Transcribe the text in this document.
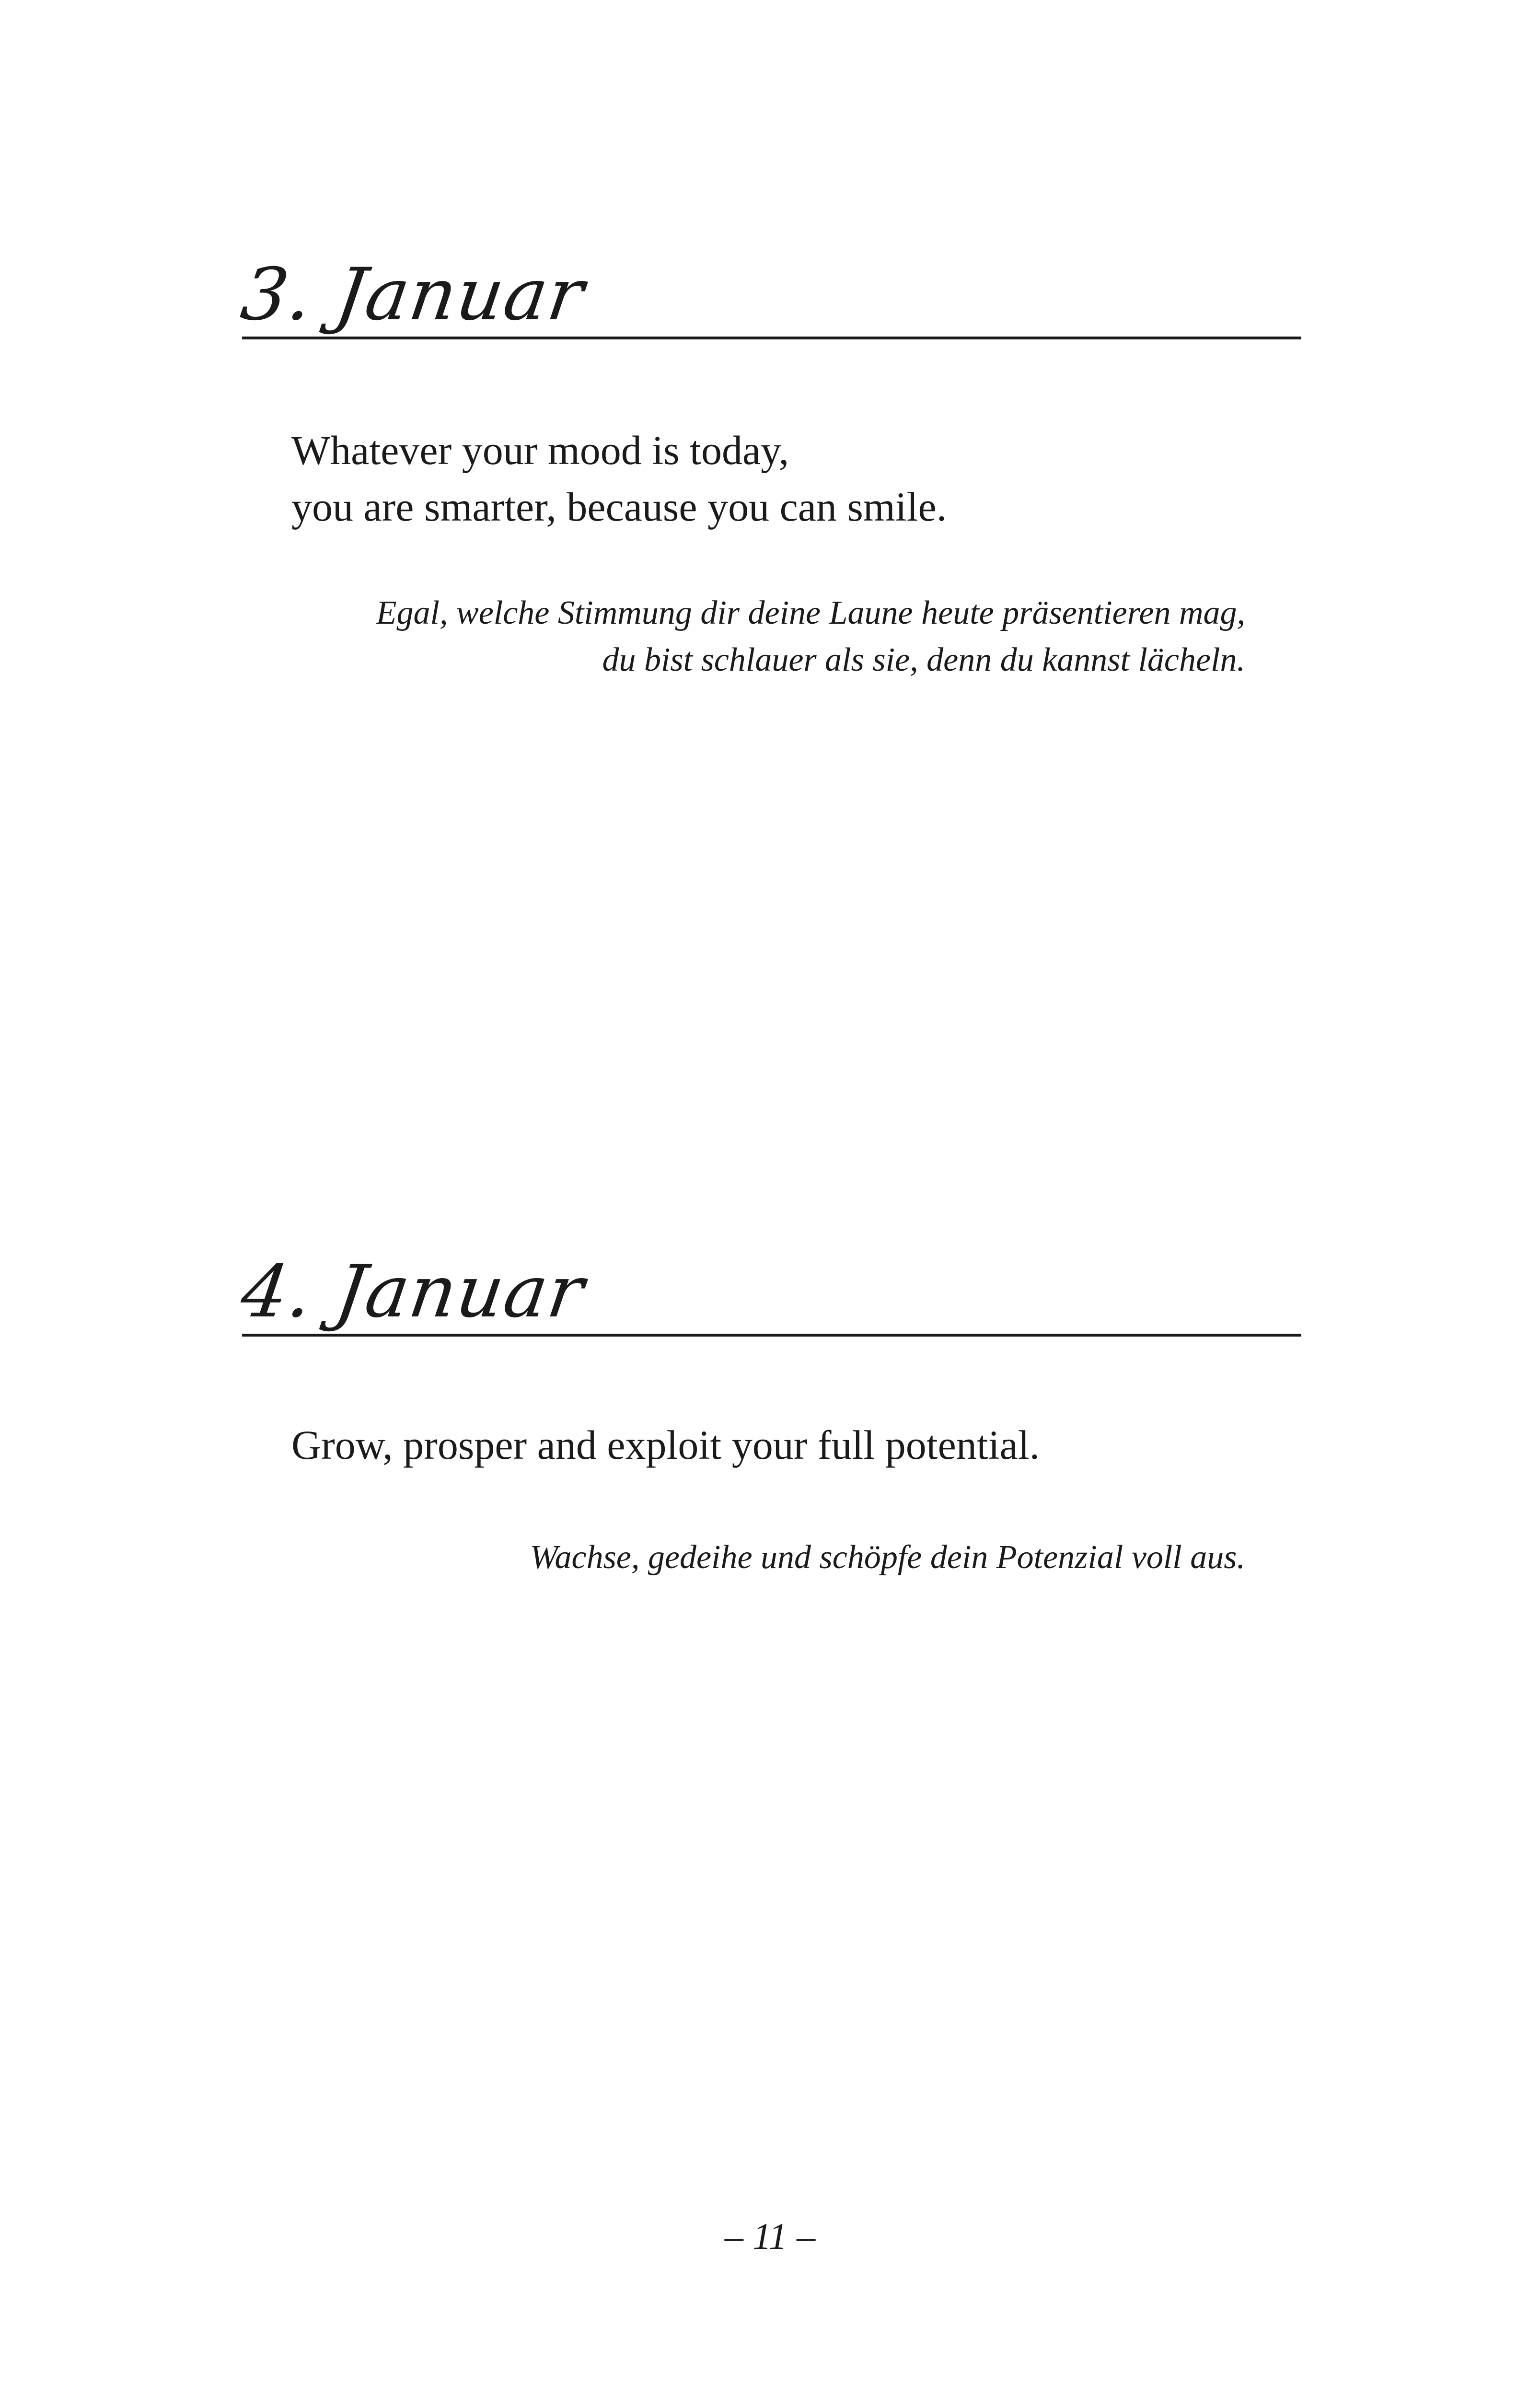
3. Januar
Whatever your mood is today,
you are smarter, because you can smile.
Egal, welche Stimmung dir deine Laune heute präsentieren mag,
du bist schlauer als sie, denn du kannst lächeln.
4. Januar
Grow, prosper and exploit your full potential.
Wachse, gedeihe und schöpfe dein Potenzial voll aus.
– 11 –
